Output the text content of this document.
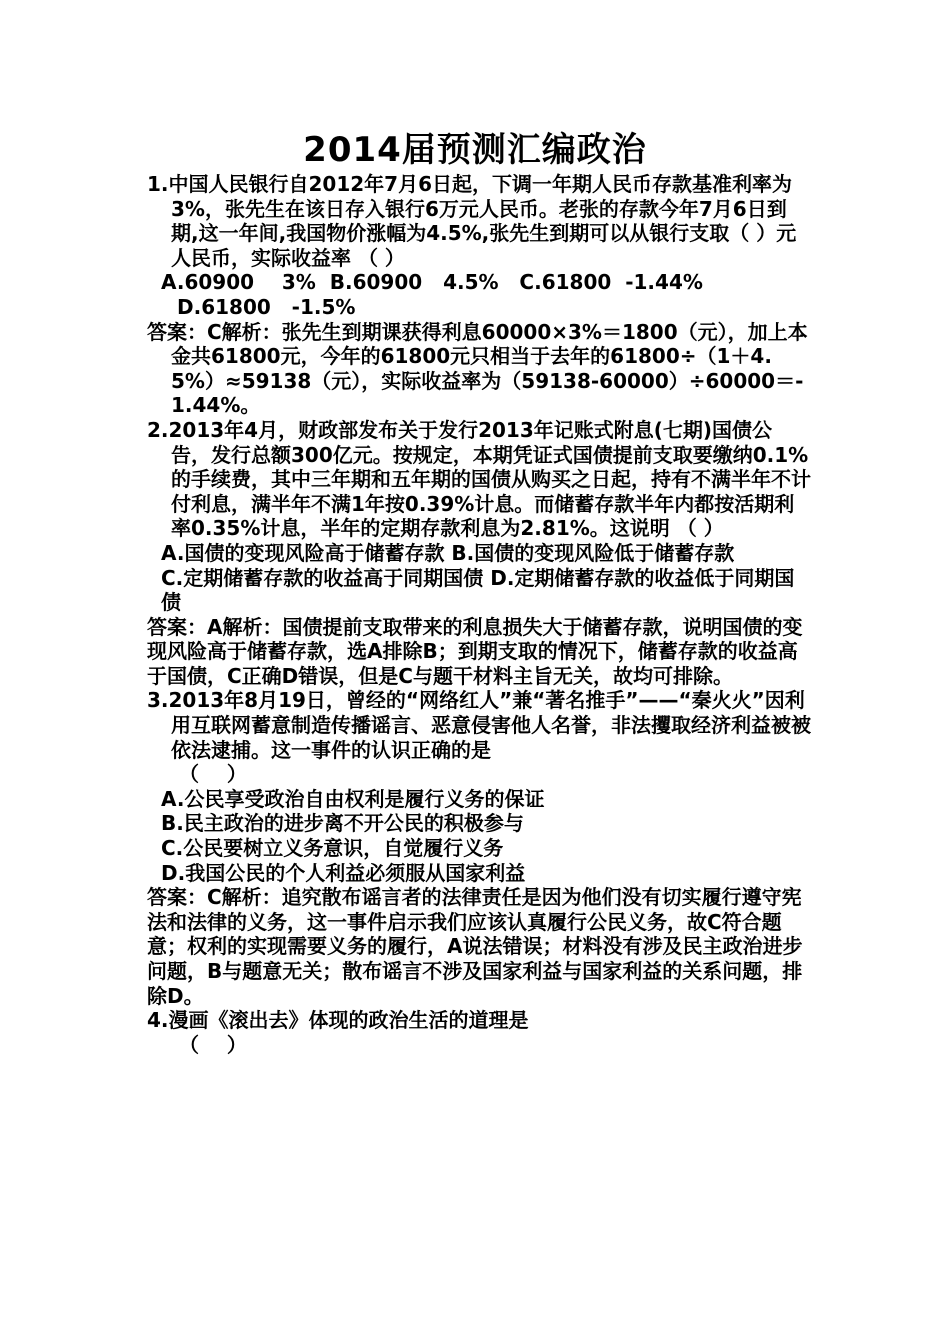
2014届预测汇编政治

1.中国人民银行自2012年7月6日起，下调一年期人民币存款基准利率为3%，张先生在该日存入银行6万元人民币。老张的存款今年7月6日到期,这一年间,我国物价涨幅为4.5%,张先生到期可以从银行支取（ ）元人民币，实际收益率 （ ）

A.60900    3%  B.60900   4.5%   C.61800  -1.44%

D.61800   -1.5%

答案：C解析：张先生到期课获得利息60000×3%＝1800（元），加上本金共61800元，今年的61800元只相当于去年的61800÷（1＋4.5%）≈59138（元），实际收益率为（59138-60000）÷60000＝-1.44%。

2.2013年4月，财政部发布关于发行2013年记账式附息(七期)国债公告，发行总额300亿元。按规定，本期凭证式国债提前支取要缴纳0.1%的手续费，其中三年期和五年期的国债从购买之日起，持有不满半年不计付利息，满半年不满1年按0.39%计息。而储蓄存款半年内都按活期利率0.35%计息，半年的定期存款利息为2.81%。这说明 （ ）

A.国债的变现风险高于储蓄存款 B.国债的变现风险低于储蓄存款

C.定期储蓄存款的收益高于同期国债 D.定期储蓄存款的收益低于同期国债

答案：A解析：国债提前支取带来的利息损失大于储蓄存款，说明国债的变现风险高于储蓄存款，选A排除B；到期支取的情况下，储蓄存款的收益高于国债，C正确D错误，但是C与题干材料主旨无关，故均可排除。

3.2013年8月19日，曾经的“网络红人”兼“著名推手”——“秦火火”因利用互联网蓄意制造传播谣言、恶意侵害他人名誉，非法攫取经济利益被被依法逮捕。这一事件的认识正确的是

（    ）

A.公民享受政治自由权利是履行义务的保证

B.民主政治的进步离不开公民的积极参与

C.公民要树立义务意识，自觉履行义务

D.我国公民的个人利益必须服从国家利益

答案：C解析：追究散布谣言者的法律责任是因为他们没有切实履行遵守宪法和法律的义务，这一事件启示我们应该认真履行公民义务，故C符合题意；权利的实现需要义务的履行，A说法错误；材料没有涉及民主政治进步问题，B与题意无关；散布谣言不涉及国家利益与国家利益的关系问题，排除D。

4.漫画《滚出去》体现的政治生活的道理是

（    ）
